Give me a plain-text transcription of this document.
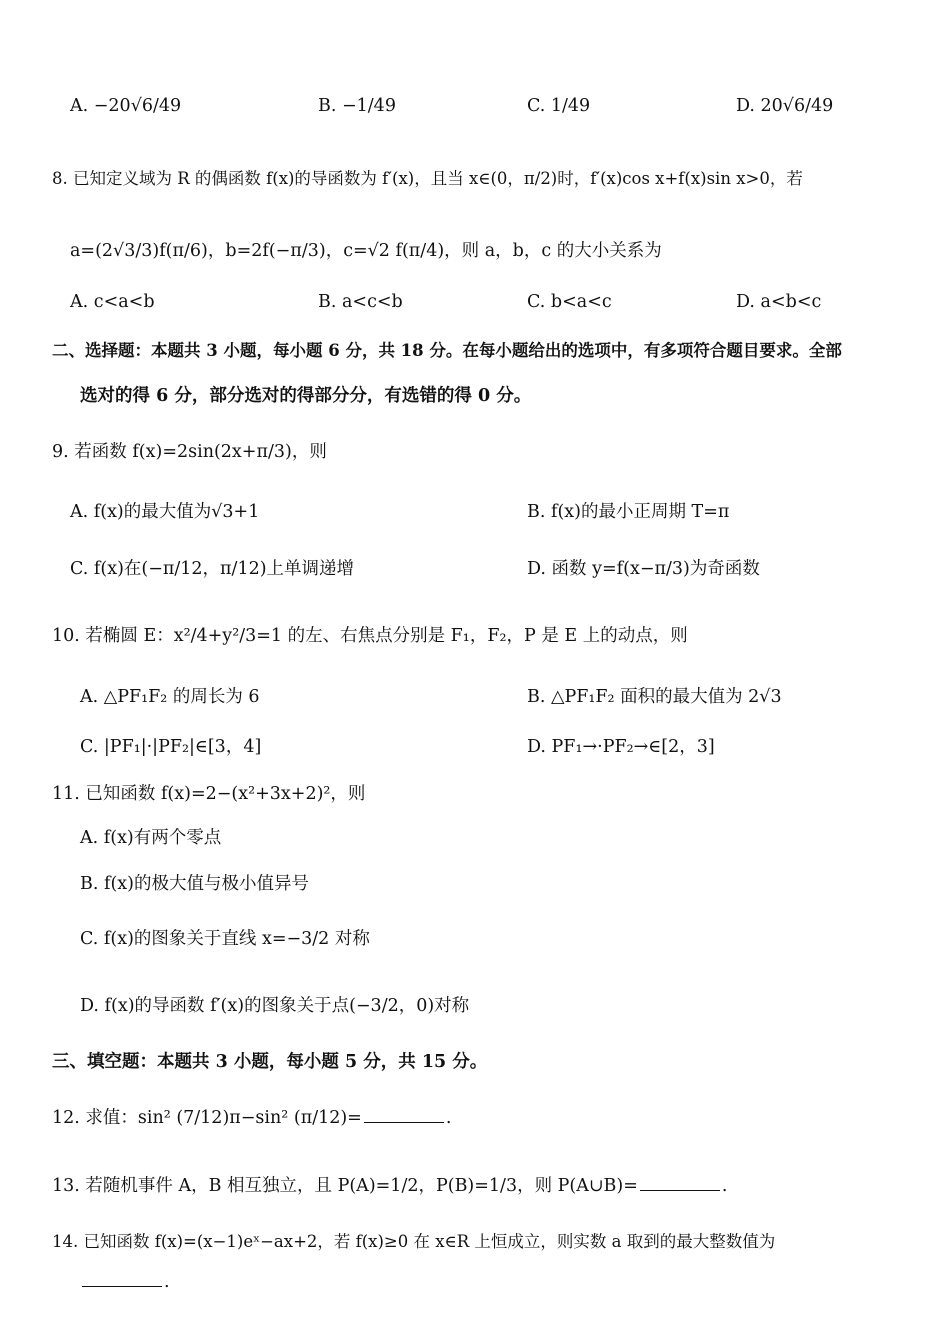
A. −20√6/49	B. −1/49	C. 1/49	D. 20√6/49
8. 已知定义域为 R 的偶函数 f(x)的导函数为 f′(x)，且当 x∈(0，π/2)时，f′(x)cos x+f(x)sin x>0，若
a=(2√3/3)f(π/6)，b=2f(−π/3)，c=√2 f(π/4)，则 a，b，c 的大小关系为
A. c<a<b	B. a<c<b	C. b<a<c	D. a<b<c
二、选择题：本题共 3 小题，每小题 6 分，共 18 分。在每小题给出的选项中，有多项符合题目要求。全部
选对的得 6 分，部分选对的得部分分，有选错的得 0 分。
9. 若函数 f(x)=2sin(2x+π/3)，则
A. f(x)的最大值为√3+1	B. f(x)的最小正周期 T=π
C. f(x)在(−π/12，π/12)上单调递增	D. 函数 y=f(x−π/3)为奇函数
10. 若椭圆 E：x²/4+y²/3=1 的左、右焦点分别是 F₁，F₂，P 是 E 上的动点，则
A. △PF₁F₂ 的周长为 6	B. △PF₁F₂ 面积的最大值为 2√3
C. |PF₁|·|PF₂|∈[3，4]	D. PF₁→·PF₂→∈[2，3]
11. 已知函数 f(x)=2−(x²+3x+2)²，则
A. f(x)有两个零点
B. f(x)的极大值与极小值异号
C. f(x)的图象关于直线 x=−3/2 对称
D. f(x)的导函数 f′(x)的图象关于点(−3/2，0)对称
三、填空题：本题共 3 小题，每小题 5 分，共 15 分。
12. 求值：sin² (7/12)π−sin² (π/12)=	.
13. 若随机事件 A，B 相互独立，且 P(A)=1/2，P(B)=1/3，则 P(A∪B)=	.
14. 已知函数 f(x)=(x−1)eˣ−ax+2，若 f(x)≥0 在 x∈R 上恒成立，则实数 a 取到的最大整数值为
.
